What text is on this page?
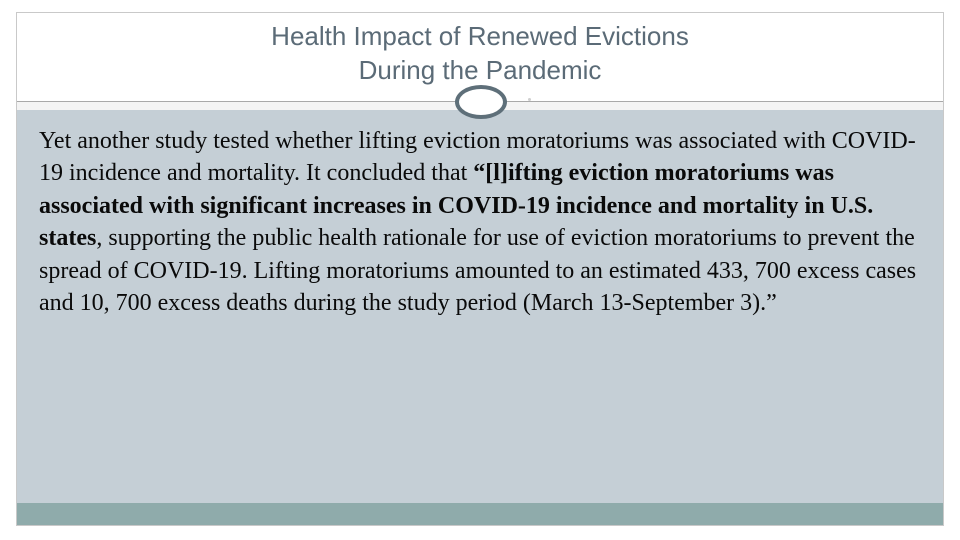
Health Impact of Renewed Evictions
During the Pandemic

Yet another study tested whether lifting eviction moratoriums was associated with COVID-19 incidence and mortality. It concluded that “[l]ifting eviction moratoriums was associated with significant increases in COVID-19 incidence and mortality in U.S. states, supporting the public health rationale for use of eviction moratoriums to prevent the spread of COVID-19. Lifting moratoriums amounted to an estimated 433, 700 excess cases and 10, 700 excess deaths during the study period (March 13-September 3).”
